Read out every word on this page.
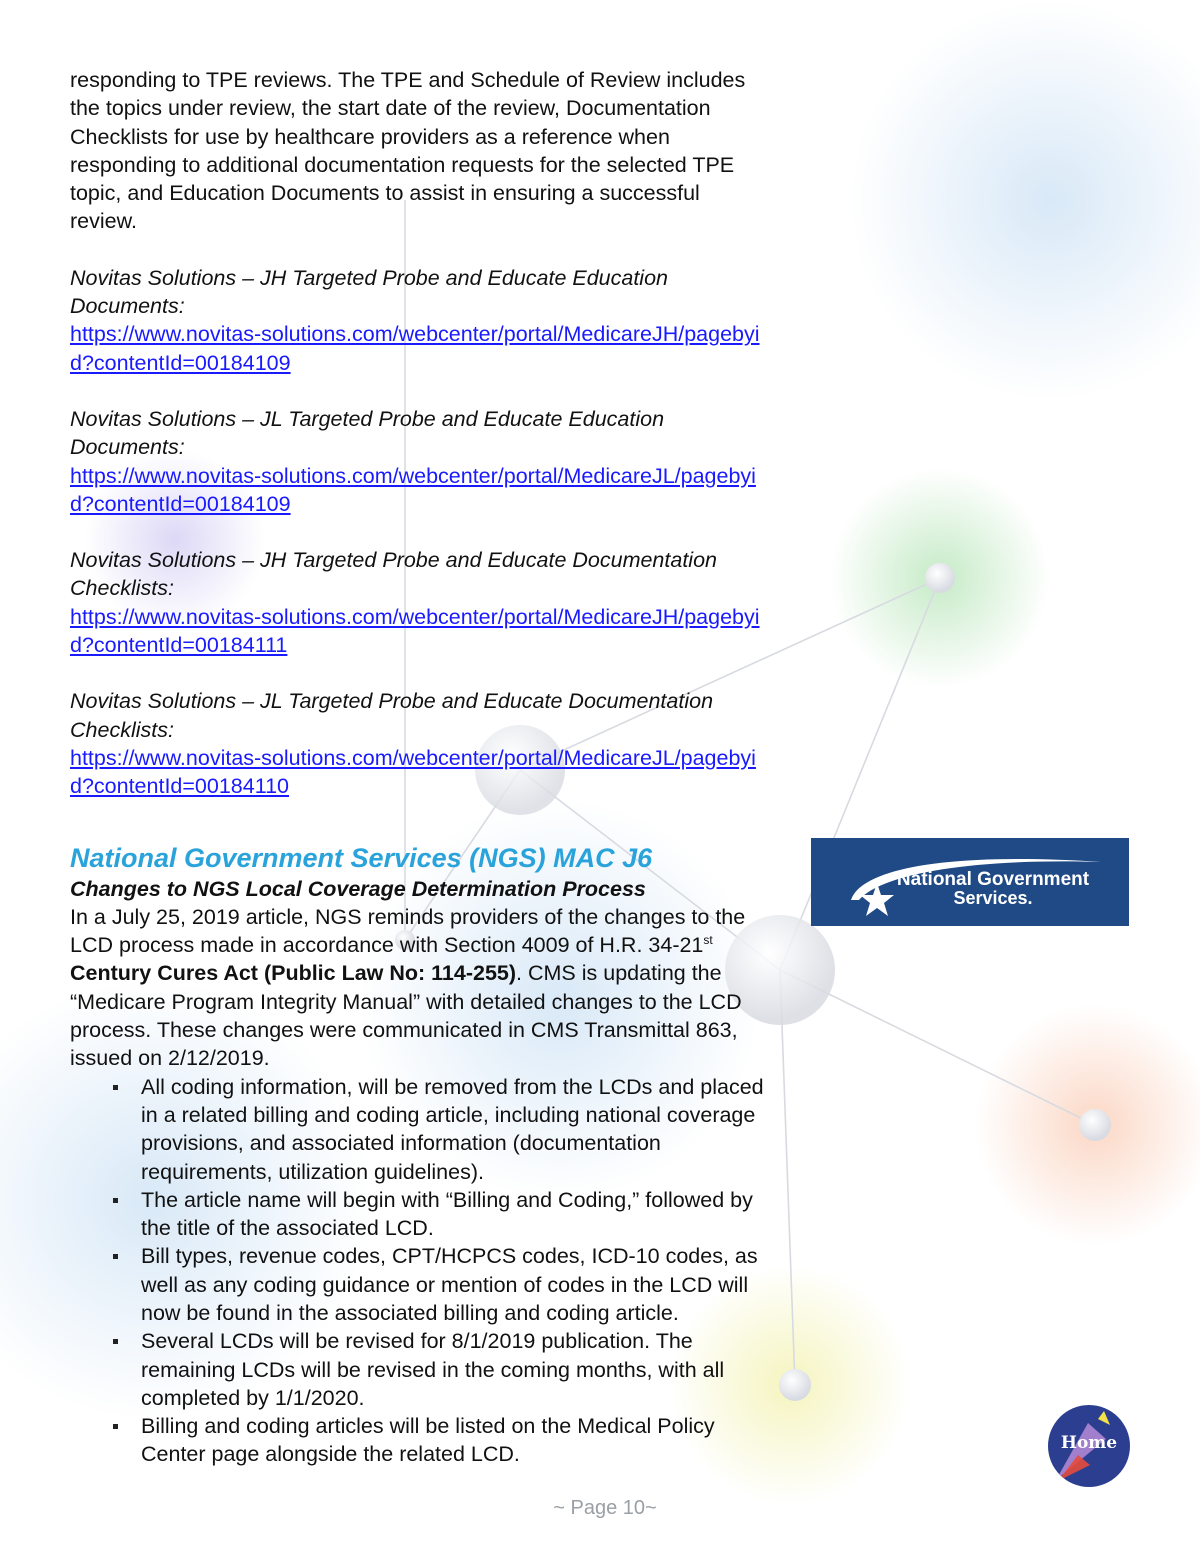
responding to TPE reviews. The TPE and Schedule of Review includes the topics under review, the start date of the review, Documentation Checklists for use by healthcare providers as a reference when responding to additional documentation requests for the selected TPE topic, and Education Documents to assist in ensuring a successful review.

Novitas Solutions – JH Targeted Probe and Educate Education Documents:
https://www.novitas-solutions.com/webcenter/portal/MedicareJH/pagebyid?contentId=00184109
Novitas Solutions – JL Targeted Probe and Educate Education Documents:
https://www.novitas-solutions.com/webcenter/portal/MedicareJL/pagebyid?contentId=00184109
Novitas Solutions – JH Targeted Probe and Educate Documentation Checklists:
https://www.novitas-solutions.com/webcenter/portal/MedicareJH/pagebyid?contentId=00184111
Novitas Solutions – JL Targeted Probe and Educate Documentation Checklists:
https://www.novitas-solutions.com/webcenter/portal/MedicareJL/pagebyid?contentId=00184110
National Government Services (NGS) MAC J6
Changes to NGS Local Coverage Determination Process

In a July 25, 2019 article, NGS reminds providers of the changes to the LCD process made in accordance with Section 4009 of H.R. 34-21st Century Cures Act (Public Law No: 114-255). CMS is updating the “Medicare Program Integrity Manual” with detailed changes to the LCD process. These changes were communicated in CMS Transmittal 863, issued on 2/12/2019.

All coding information, will be removed from the LCDs and placed in a related billing and coding article, including national coverage provisions, and associated information (documentation requirements, utilization guidelines).
The article name will begin with “Billing and Coding,” followed by the title of the associated LCD.
Bill types, revenue codes, CPT/HCPCS codes, ICD-10 codes, as well as any coding guidance or mention of codes in the LCD will now be found in the associated billing and coding article.
Several LCDs will be revised for 8/1/2019 publication. The remaining LCDs will be revised in the coming months, with all completed by 1/1/2020.
Billing and coding articles will be listed on the Medical Policy Center page alongside the related LCD.
National Government
Services.
Home
~ Page 10~
